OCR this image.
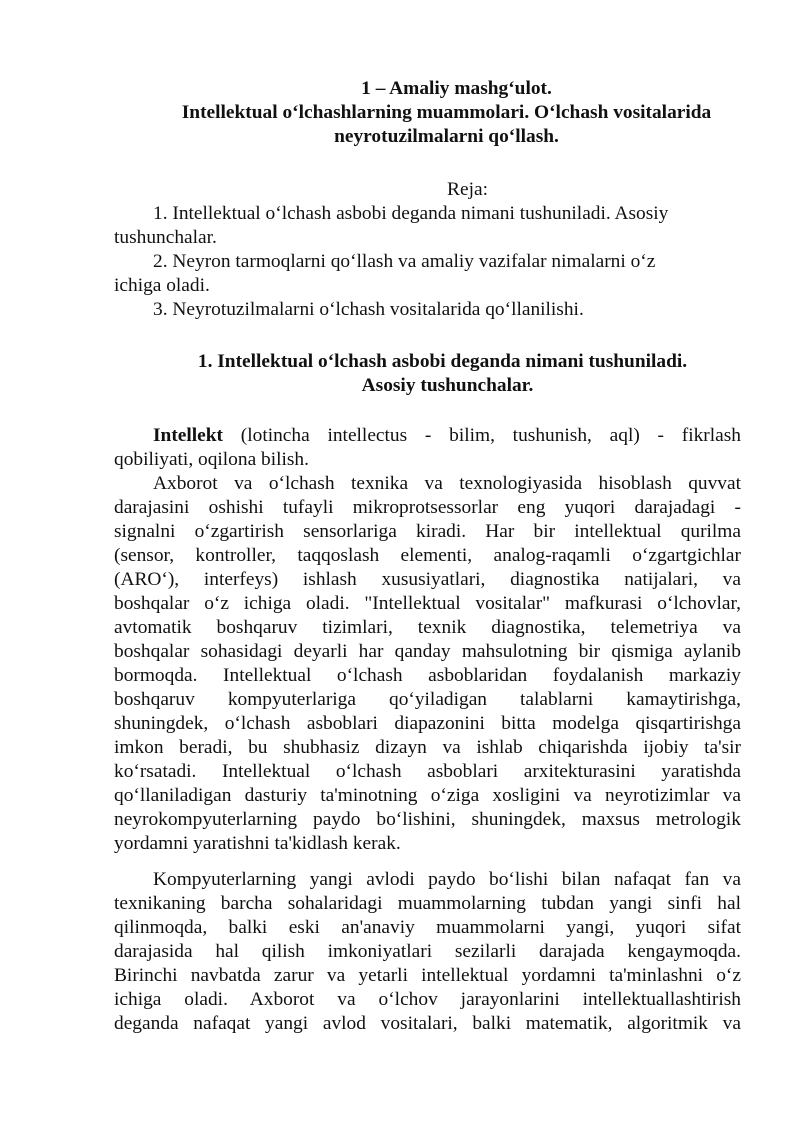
1 – Amaliy mashg‘ulot.

Intellektual o‘lchashlarning muammolari. O‘lchash vositalarida

neyrotuzilmalarni qo‘llash.

Reja:

1. Intellektual o‘lchash asbobi deganda nimani tushuniladi. Asosiy

tushunchalar.

2. Neyron tarmoqlarni qo‘llash va amaliy vazifalar nimalarni o‘z

ichiga oladi.

3. Neyrotuzilmalarni o‘lchash vositalarida qo‘llanilishi.

1. Intellektual o‘lchash asbobi deganda nimani tushuniladi.

Asosiy tushunchalar.

Intellekt (lotincha intellectus - bilim, tushunish, aql) - fikrlash

qobiliyati, oqilona bilish.

Axborot va o‘lchash texnika va texnologiyasida hisoblash quvvat

darajasini oshishi tufayli mikroprotsessorlar eng yuqori darajadagi -

signalni o‘zgartirish sensorlariga kiradi. Har bir intellektual qurilma

(sensor, kontroller, taqqoslash elementi, analog-raqamli o‘zgartgichlar

(ARO‘), interfeys) ishlash xususiyatlari, diagnostika natijalari, va

boshqalar o‘z ichiga oladi. "Intellektual vositalar" mafkurasi o‘lchovlar,

avtomatik boshqaruv tizimlari, texnik diagnostika, telemetriya va

boshqalar sohasidagi deyarli har qanday mahsulotning bir qismiga aylanib

bormoqda. Intellektual o‘lchash asboblaridan foydalanish markaziy

boshqaruv kompyuterlariga qo‘yiladigan talablarni kamaytirishga,

shuningdek, o‘lchash asboblari diapazonini bitta modelga qisqartirishga

imkon beradi, bu shubhasiz dizayn va ishlab chiqarishda ijobiy ta'sir

ko‘rsatadi. Intellektual o‘lchash asboblari arxitekturasini yaratishda

qo‘llaniladigan dasturiy ta'minotning o‘ziga xosligini va neyrotizimlar va

neyrokompyuterlarning paydo bo‘lishini, shuningdek, maxsus metrologik

yordamni yaratishni ta'kidlash kerak.

Kompyuterlarning yangi avlodi paydo bo‘lishi bilan nafaqat fan va

texnikaning barcha sohalaridagi muammolarning tubdan yangi sinfi hal

qilinmoqda, balki eski an'anaviy muammolarni yangi, yuqori sifat

darajasida hal qilish imkoniyatlari sezilarli darajada kengaymoqda.

Birinchi navbatda zarur va yetarli intellektual yordamni ta'minlashni o‘z

ichiga oladi. Axborot va o‘lchov jarayonlarini intellektuallashtirish

deganda nafaqat yangi avlod vositalari, balki matematik, algoritmik va
